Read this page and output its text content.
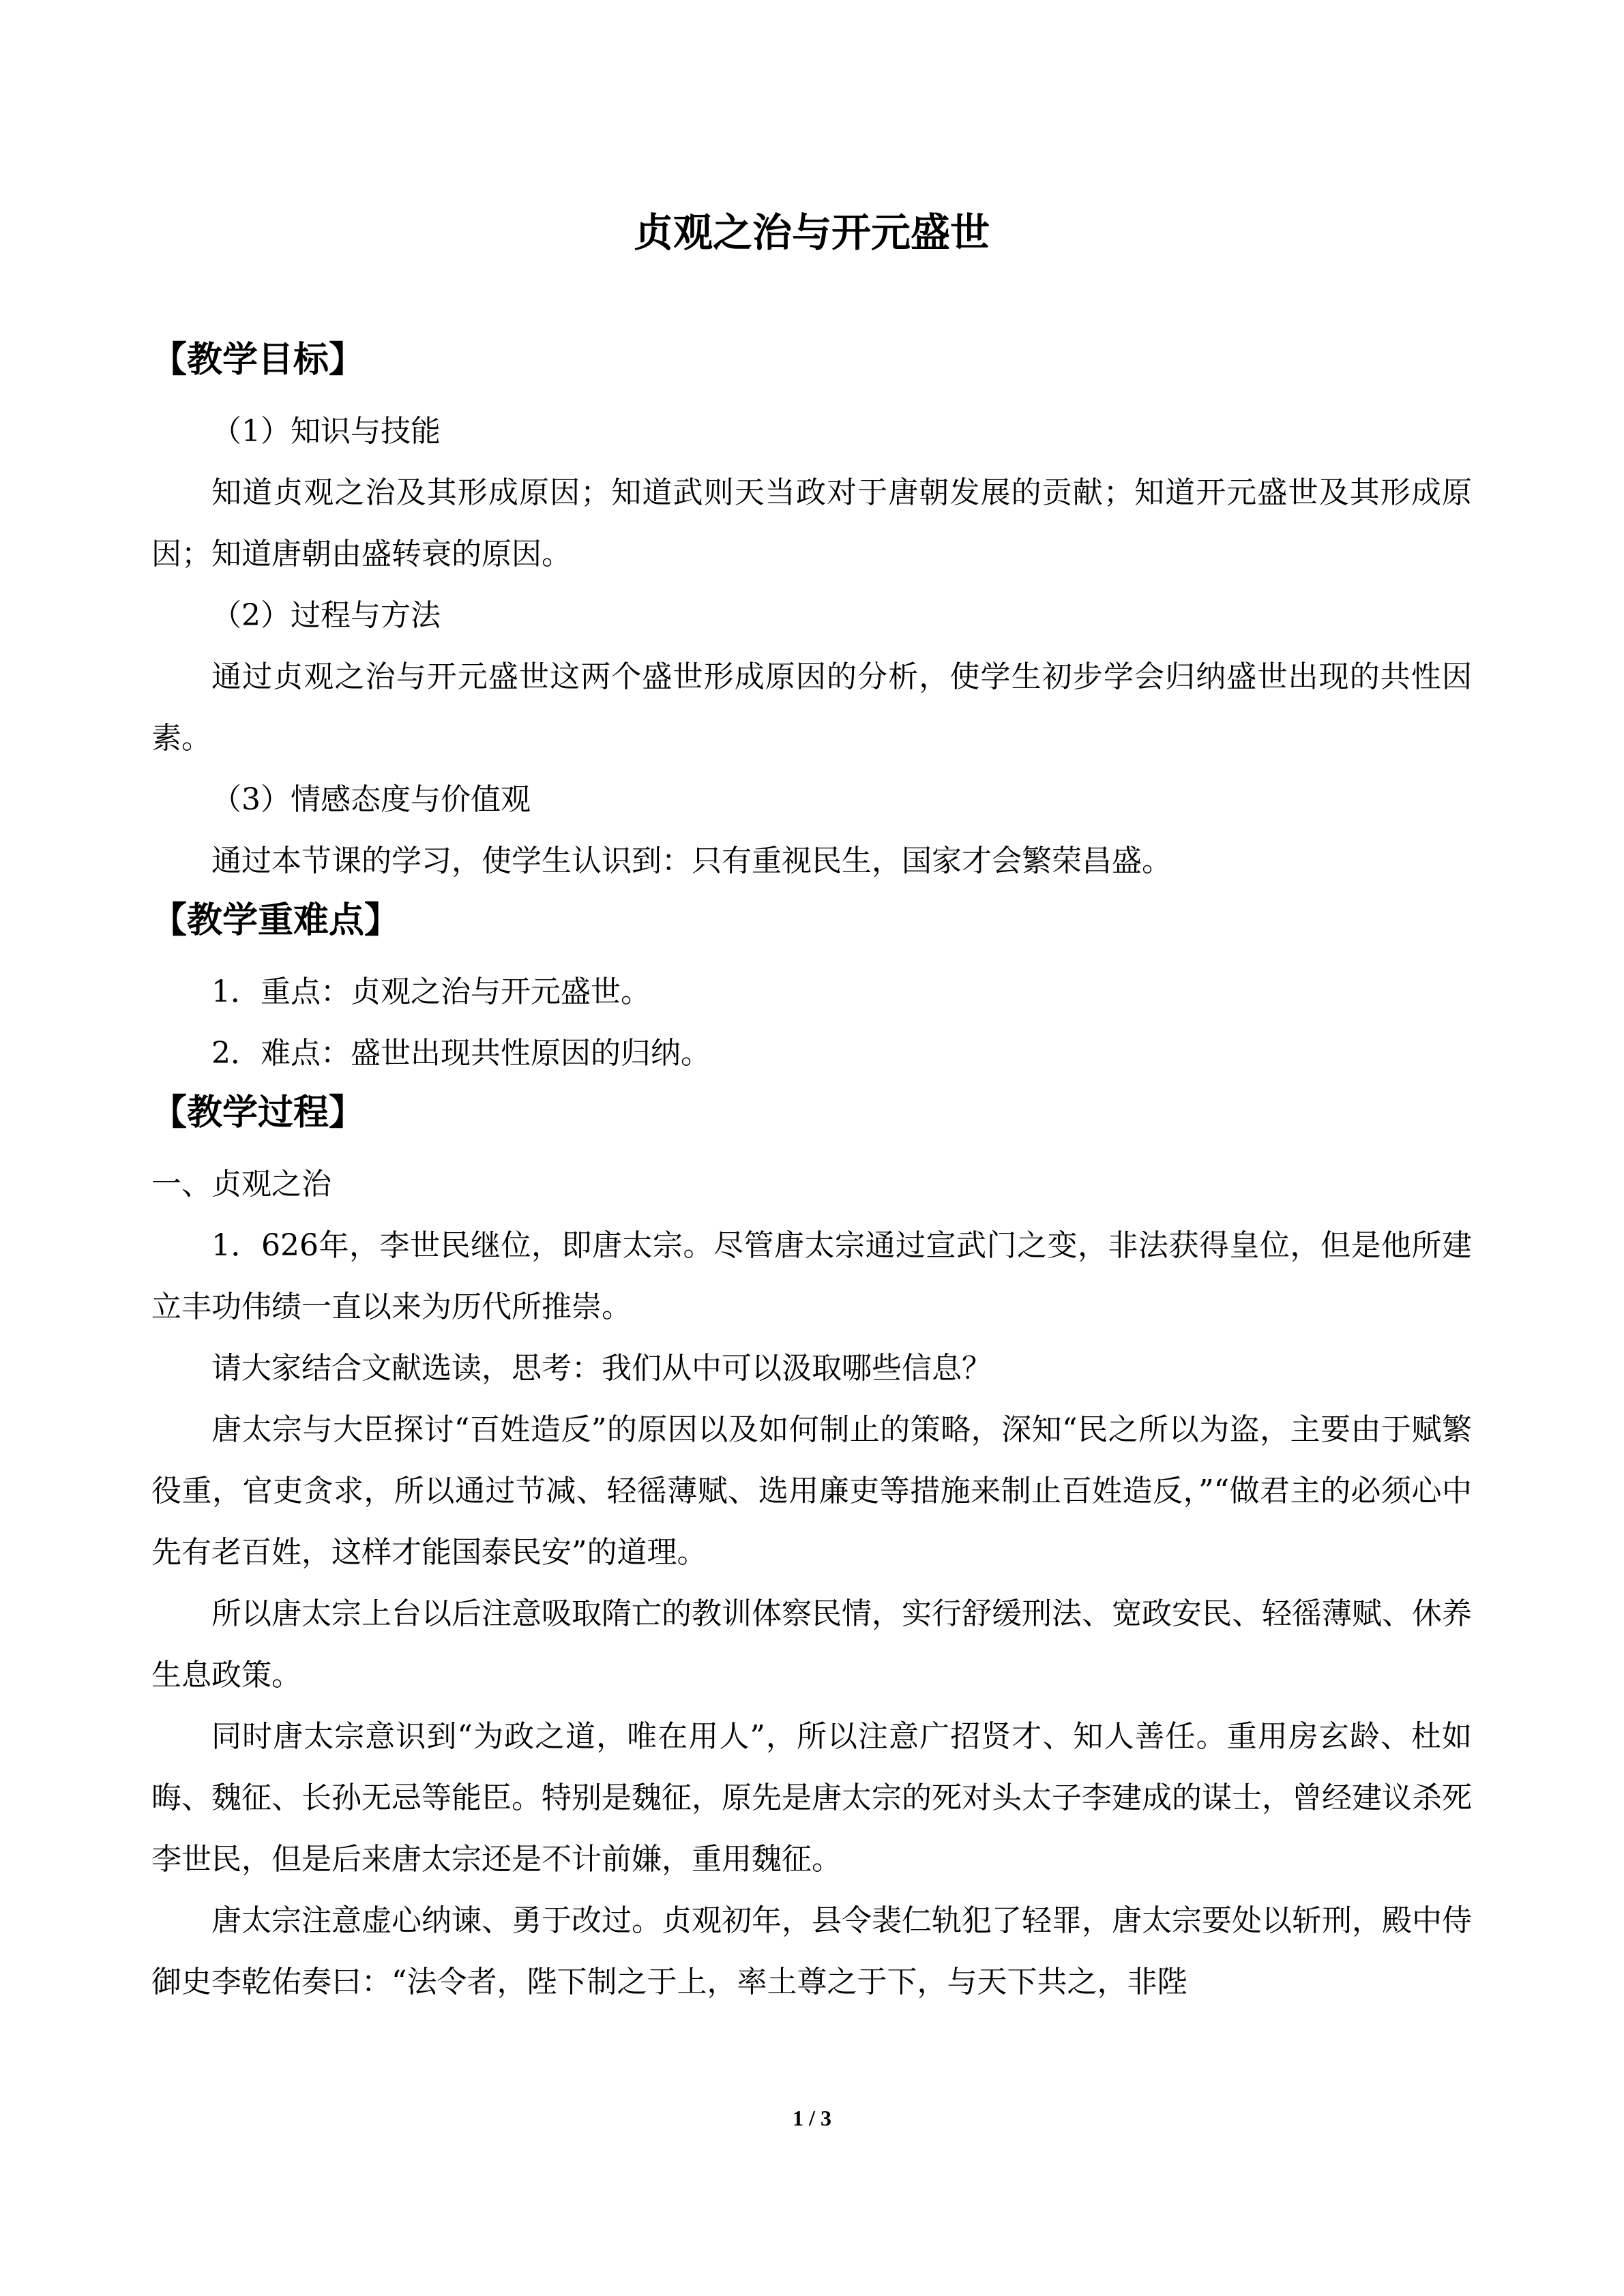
贞观之治与开元盛世
【教学目标】

（1）知识与技能

知道贞观之治及其形成原因；知道武则天当政对于唐朝发展的贡献；知道开元盛世及其形成原因；知道唐朝由盛转衰的原因。

（2）过程与方法

通过贞观之治与开元盛世这两个盛世形成原因的分析，使学生初步学会归纳盛世出现的共性因素。

（3）情感态度与价值观

通过本节课的学习，使学生认识到：只有重视民生，国家才会繁荣昌盛。

【教学重难点】

1．重点：贞观之治与开元盛世。

2．难点：盛世出现共性原因的归纳。

【教学过程】

一、贞观之治

1．626年，李世民继位，即唐太宗。尽管唐太宗通过宣武门之变，非法获得皇位，但是他所建立丰功伟绩一直以来为历代所推崇。

请大家结合文献选读，思考：我们从中可以汲取哪些信息？

唐太宗与大臣探讨“百姓造反”的原因以及如何制止的策略，深知“民之所以为盗，主要由于赋繁役重，官吏贪求，所以通过节减、轻徭薄赋、选用廉吏等措施来制止百姓造反，”“做君主的必须心中先有老百姓，这样才能国泰民安”的道理。

所以唐太宗上台以后注意吸取隋亡的教训体察民情，实行舒缓刑法、宽政安民、轻徭薄赋、休养生息政策。

同时唐太宗意识到“为政之道，唯在用人”，所以注意广招贤才、知人善任。重用房玄龄、杜如晦、魏征、长孙无忌等能臣。特别是魏征，原先是唐太宗的死对头太子李建成的谋士，曾经建议杀死李世民，但是后来唐太宗还是不计前嫌，重用魏征。

唐太宗注意虚心纳谏、勇于改过。贞观初年，县令裴仁轨犯了轻罪，唐太宗要处以斩刑，殿中侍御史李乾佑奏曰：“法令者，陛下制之于上，率土尊之于下，与天下共之，非陛

1 / 3
